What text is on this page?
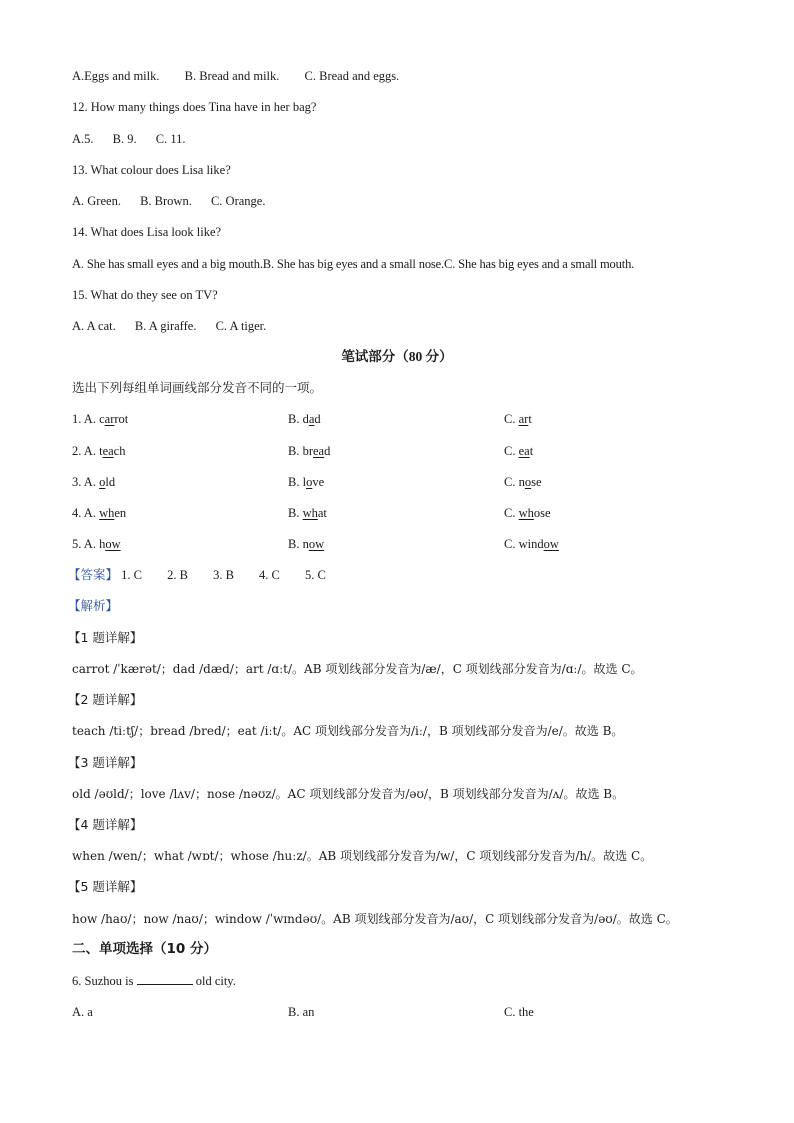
A.Eggs and milk. B. Bread and milk. C. Bread and eggs.
12. How many things does Tina have in her bag?
A.5. B. 9. C. 11.
13. What colour does Lisa like?
A. Green. B. Brown. C. Orange.
14. What does Lisa look like?
A. She has small eyes and a big mouth.B. She has big eyes and a small nose.C. She has big eyes and a small mouth.
15. What do they see on TV?
A. A cat. B. A giraffe. C. A tiger.
笔试部分（80 分）
选出下列每组单词画线部分发音不同的一项。
1. A. carrot	B. dad	C. art
2. A. teach	B. bread	C. eat
3. A. old	B. love	C. nose
4. A. when	B. what	C. whose
5. A. how	B. now	C. window
【答案】 1. C 2. B 3. B 4. C 5. C
【解析】
【1 题详解】
carrot /ˈkærət/；dad /dæd/；art /ɑːt/。AB 项划线部分发音为/æ/，C 项划线部分发音为/ɑː/。故选 C。
【2 题详解】
teach /tiːtʃ/；bread /bred/；eat /iːt/。AC 项划线部分发音为/iː/，B 项划线部分发音为/e/。故选 B。
【3 题详解】
old /əʊld/；love /lʌv/；nose /nəʊz/。AC 项划线部分发音为/əʊ/，B 项划线部分发音为/ʌ/。故选 B。
【4 题详解】
when /wen/；what /wɒt/；whose /huːz/。AB 项划线部分发音为/w/，C 项划线部分发音为/h/。故选 C。
【5 题详解】
how /haʊ/；now /naʊ/；window /ˈwɪndəʊ/。AB 项划线部分发音为/aʊ/，C 项划线部分发音为/əʊ/。故选 C。
二、单项选择（10 分）
6. Suzhou is	old city.
A. a	B. an	C. the
